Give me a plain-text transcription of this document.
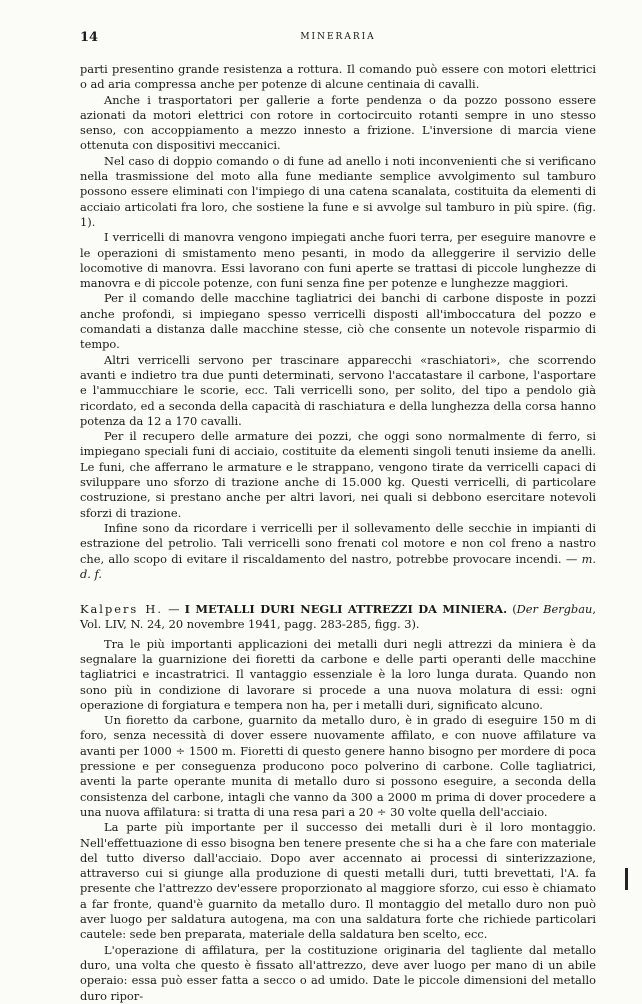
14	MINERARIA

parti presentino grande resistenza a rottura. Il comando può essere con motori elettrici o ad aria compressa anche per potenze di alcune centinaia di cavalli.

Anche i trasportatori per gallerie a forte pendenza o da pozzo possono essere azionati da motori elettrici con rotore in cortocircuito rotanti sempre in uno stesso senso, con accoppiamento a mezzo innesto a frizione. L'inversione di marcia viene ottenuta con dispositivi meccanici.

Nel caso di doppio comando o di fune ad anello i noti inconvenienti che si verificano nella trasmissione del moto alla fune mediante semplice avvolgimento sul tamburo possono essere eliminati con l'impiego di una catena scanalata, costituita da elementi di acciaio articolati fra loro, che sostiene la fune e si avvolge sul tamburo in più spire. (fig. 1).

I verricelli di manovra vengono impiegati anche fuori terra, per eseguire manovre e le operazioni di smistamento meno pesanti, in modo da alleggerire il servizio delle locomotive di manovra. Essi lavorano con funi aperte se trattasi di piccole lunghezze di manovra e di piccole potenze, con funi senza fine per potenze e lunghezze maggiori.

Per il comando delle macchine tagliatrici dei banchi di carbone disposte in pozzi anche profondi, si impiegano spesso verricelli disposti all'imboccatura del pozzo e comandati a distanza dalle macchine stesse, ciò che consente un notevole risparmio di tempo.

Altri verricelli servono per trascinare apparecchi «raschiatori», che scorrendo avanti e indietro tra due punti determinati, servono l'accatastare il carbone, l'asportare e l'ammucchiare le scorie, ecc. Tali verricelli sono, per solito, del tipo a pendolo già ricordato, ed a seconda della capacità di raschiatura e della lunghezza della corsa hanno potenza da 12 a 170 cavalli.

Per il recupero delle armature dei pozzi, che oggi sono normalmente di ferro, si impiegano speciali funi di acciaio, costituite da elementi singoli tenuti insieme da anelli. Le funi, che afferrano le armature e le strappano, vengono tirate da verricelli capaci di sviluppare uno sforzo di trazione anche di 15.000 kg. Questi verricelli, di particolare costruzione, si prestano anche per altri lavori, nei quali si debbono esercitare notevoli sforzi di trazione.

Infine sono da ricordare i verricelli per il sollevamento delle secchie in impianti di estrazione del petrolio. Tali verricelli sono frenati col motore e non col freno a nastro che, allo scopo di evitare il riscaldamento del nastro, potrebbe provocare incendi. — m. d. f.

Kalpers H. — I METALLI DURI NEGLI ATTREZZI DA MINIERA. (Der Bergbau, Vol. LIV, N. 24, 20 novembre 1941, pagg. 283-285, figg. 3).

Tra le più importanti applicazioni dei metalli duri negli attrezzi da miniera è da segnalare la guarnizione dei fioretti da carbone e delle parti operanti delle macchine tagliatrici e incastratrici. Il vantaggio essenziale è la loro lunga durata. Quando non sono più in condizione di lavorare si procede a una nuova molatura di essi: ogni operazione di forgiatura e tempera non ha, per i metalli duri, significato alcuno.

Un fioretto da carbone, guarnito da metallo duro, è in grado di eseguire 150 m di foro, senza necessità di dover essere nuovamente affilato, e con nuove affilature va avanti per 1000 ÷ 1500 m. Fioretti di questo genere hanno bisogno per mordere di poca pressione e per conseguenza producono poco polverino di carbone. Colle tagliatrici, aventi la parte operante munita di metallo duro si possono eseguire, a seconda della consistenza del carbone, intagli che vanno da 300 a 2000 m prima di dover procedere a una nuova affilatura: si tratta di una resa pari a 20 ÷ 30 volte quella dell'acciaio.

La parte più importante per il successo dei metalli duri è il loro montaggio. Nell'effettuazione di esso bisogna ben tenere presente che si ha a che fare con materiale del tutto diverso dall'acciaio. Dopo aver accennato ai processi di sinterizzazione, attraverso cui si giunge alla produzione di questi metalli duri, tutti brevettati, l'A. fa presente che l'attrezzo dev'essere proporzionato al maggiore sforzo, cui esso è chiamato a far fronte, quand'è guarnito da metallo duro. Il montaggio del metallo duro non può aver luogo per saldatura autogena, ma con una saldatura forte che richiede particolari cautele: sede ben preparata, materiale della saldatura ben scelto, ecc.

L'operazione di affilatura, per la costituzione originaria del tagliente dal metallo duro, una volta che questo è fissato all'attrezzo, deve aver luogo per mano di un abile operaio: essa può esser fatta a secco o ad umido. Date le piccole dimensioni del metallo duro ripor-
